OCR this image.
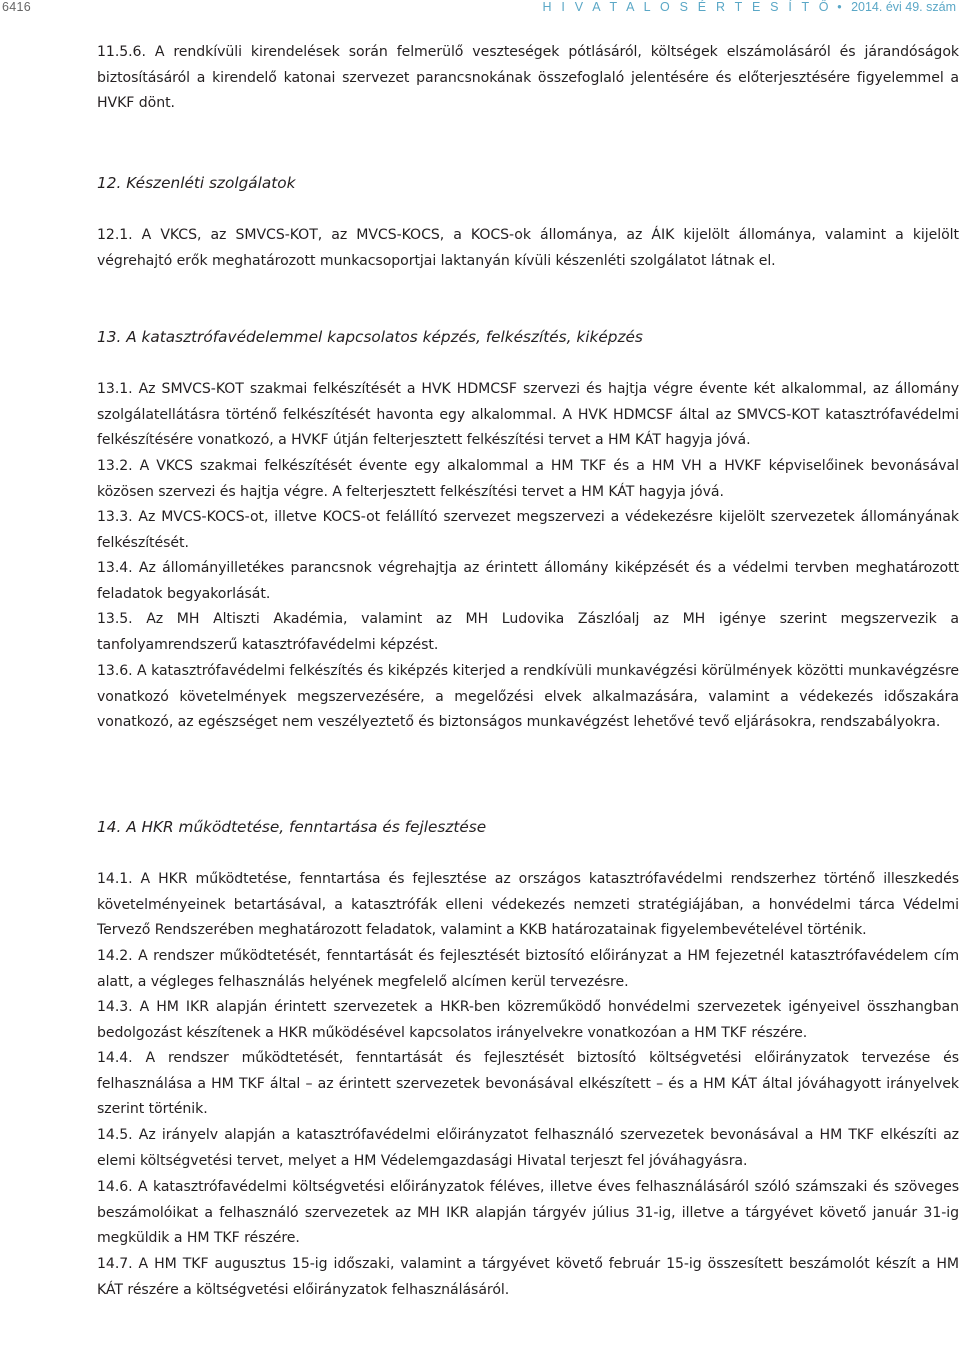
6416	H I V A T A L O S É R T E S Í T Ő • 2014. évi 49. szám

11.5.6. A rendkívüli kirendelések során felmerülő veszteségek pótlásáról, költségek elszámolásáról és járandóságok biztosításáról a kirendelő katonai szervezet parancsnokának összefoglaló jelentésére és előterjesztésére figyelemmel a HVKF dönt.

12. Készenléti szolgálatok

12.1. A VKCS, az SMVCS-KOT, az MVCS-KOCS, a KOCS-ok állománya, az ÁIK kijelölt állománya, valamint a kijelölt végrehajtó erők meghatározott munkacsoportjai laktanyán kívüli készenléti szolgálatot látnak el.

13. A katasztrófavédelemmel kapcsolatos képzés, felkészítés, kiképzés

13.1. Az SMVCS-KOT szakmai felkészítését a HVK HDMCSF szervezi és hajtja végre évente két alkalommal, az állomány szolgálatellátásra történő felkészítését havonta egy alkalommal. A HVK HDMCSF által az SMVCS-KOT katasztrófavédelmi felkészítésére vonatkozó, a HVKF útján felterjesztett felkészítési tervet a HM KÁT hagyja jóvá.

13.2. A VKCS szakmai felkészítését évente egy alkalommal a HM TKF és a HM VH a HVKF képviselőinek bevonásával közösen szervezi és hajtja végre. A felterjesztett felkészítési tervet a HM KÁT hagyja jóvá.

13.3. Az MVCS-KOCS-ot, illetve KOCS-ot felállító szervezet megszervezi a védekezésre kijelölt szervezetek állományának felkészítését.

13.4. Az állományilletékes parancsnok végrehajtja az érintett állomány kiképzését és a védelmi tervben meghatározott feladatok begyakorlását.

13.5. Az MH Altiszti Akadémia, valamint az MH Ludovika Zászlóalj az MH igénye szerint megszervezik a tanfolyamrendszerű katasztrófavédelmi képzést.

13.6. A katasztrófavédelmi felkészítés és kiképzés kiterjed a rendkívüli munkavégzési körülmények közötti munkavégzésre vonatkozó követelmények megszervezésére, a megelőzési elvek alkalmazására, valamint a védekezés időszakára vonatkozó, az egészséget nem veszélyeztető és biztonságos munkavégzést lehetővé tevő eljárásokra, rendszabályokra.

14. A HKR működtetése, fenntartása és fejlesztése

14.1. A HKR működtetése, fenntartása és fejlesztése az országos katasztrófavédelmi rendszerhez történő illeszkedés követelményeinek betartásával, a katasztrófák elleni védekezés nemzeti stratégiájában, a honvédelmi tárca Védelmi Tervező Rendszerében meghatározott feladatok, valamint a KKB határozatainak figyelembevételével történik.

14.2. A rendszer működtetését, fenntartását és fejlesztését biztosító előirányzat a HM fejezetnél katasztrófavédelem cím alatt, a végleges felhasználás helyének megfelelő alcímen kerül tervezésre.

14.3. A HM IKR alapján érintett szervezetek a HKR-ben közreműködő honvédelmi szervezetek igényeivel összhangban bedolgozást készítenek a HKR működésével kapcsolatos irányelvekre vonatkozóan a HM TKF részére.

14.4. A rendszer működtetését, fenntartását és fejlesztését biztosító költségvetési előirányzatok tervezése és felhasználása a HM TKF által – az érintett szervezetek bevonásával elkészített – és a HM KÁT által jóváhagyott irányelvek szerint történik.

14.5. Az irányelv alapján a katasztrófavédelmi előirányzatot felhasználó szervezetek bevonásával a HM TKF elkészíti az elemi költségvetési tervet, melyet a HM Védelemgazdasági Hivatal terjeszt fel jóváhagyásra.

14.6. A katasztrófavédelmi költségvetési előirányzatok féléves, illetve éves felhasználásáról szóló számszaki és szöveges beszámolóikat a felhasználó szervezetek az MH IKR alapján tárgyév július 31-ig, illetve a tárgyévet követő január 31-ig megküldik a HM TKF részére.

14.7. A HM TKF augusztus 15-ig időszaki, valamint a tárgyévet követő február 15-ig összesített beszámolót készít a HM KÁT részére a költségvetési előirányzatok felhasználásáról.
